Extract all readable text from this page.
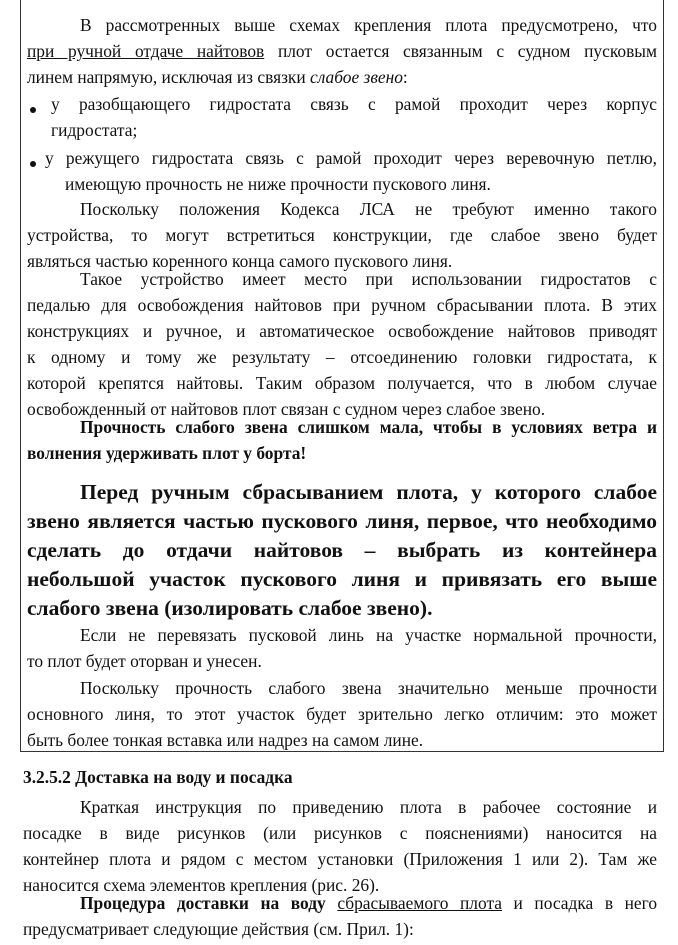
В рассмотренных выше схемах крепления плота предусмотрено, что
при ручной отдаче найтовов плот остается связанным с судном пусковым
линем напрямую, исключая из связки слабое звено:
у разобщающего гидростата связь с рамой проходит через корпус
гидростата;
у режущего гидростата связь с рамой проходит через веревочную петлю,
имеющую прочность не ниже прочности пускового линя.
Поскольку положения Кодекса ЛСА не требуют именно такого
устройства, то могут встретиться конструкции, где слабое звено будет
являться частью коренного конца самого пускового линя.
Такое устройство имеет место при использовании гидростатов с
педалью для освобождения найтовов при ручном сбрасывании плота. В этих
конструкциях и ручное, и автоматическое освобождение найтовов приводят
к одному и тому же результату – отсоединению головки гидростата, к
которой крепятся найтовы. Таким образом получается, что в любом случае
освобожденный от найтовов плот связан с судном через слабое звено.
Прочность слабого звена слишком мала, чтобы в условиях ветра и
волнения удерживать плот у борта!
Перед ручным сбрасыванием плота, у которого слабое
звено является частью пускового линя, первое, что необходимо
сделать до отдачи найтовов – выбрать из контейнера
небольшой участок пускового линя и привязать его выше
слабого звена (изолировать слабое звено).
Если не перевязать пусковой линь на участке нормальной прочности,
то плот будет оторван и унесен.
Поскольку прочность слабого звена значительно меньше прочности
основного линя, то этот участок будет зрительно легко отличим: это может
быть более тонкая вставка или надрез на самом лине.
3.2.5.2 Доставка на воду и посадка
Краткая инструкция по приведению плота в рабочее состояние и
посадке в виде рисунков (или рисунков с пояснениями) наносится на
контейнер плота и рядом с местом установки (Приложения 1 или 2). Там же
наносится схема элементов крепления (рис. 26).
Процедура доставки на воду сбрасываемого плота и посадка в него
предусматривает следующие действия (см. Прил. 1):
